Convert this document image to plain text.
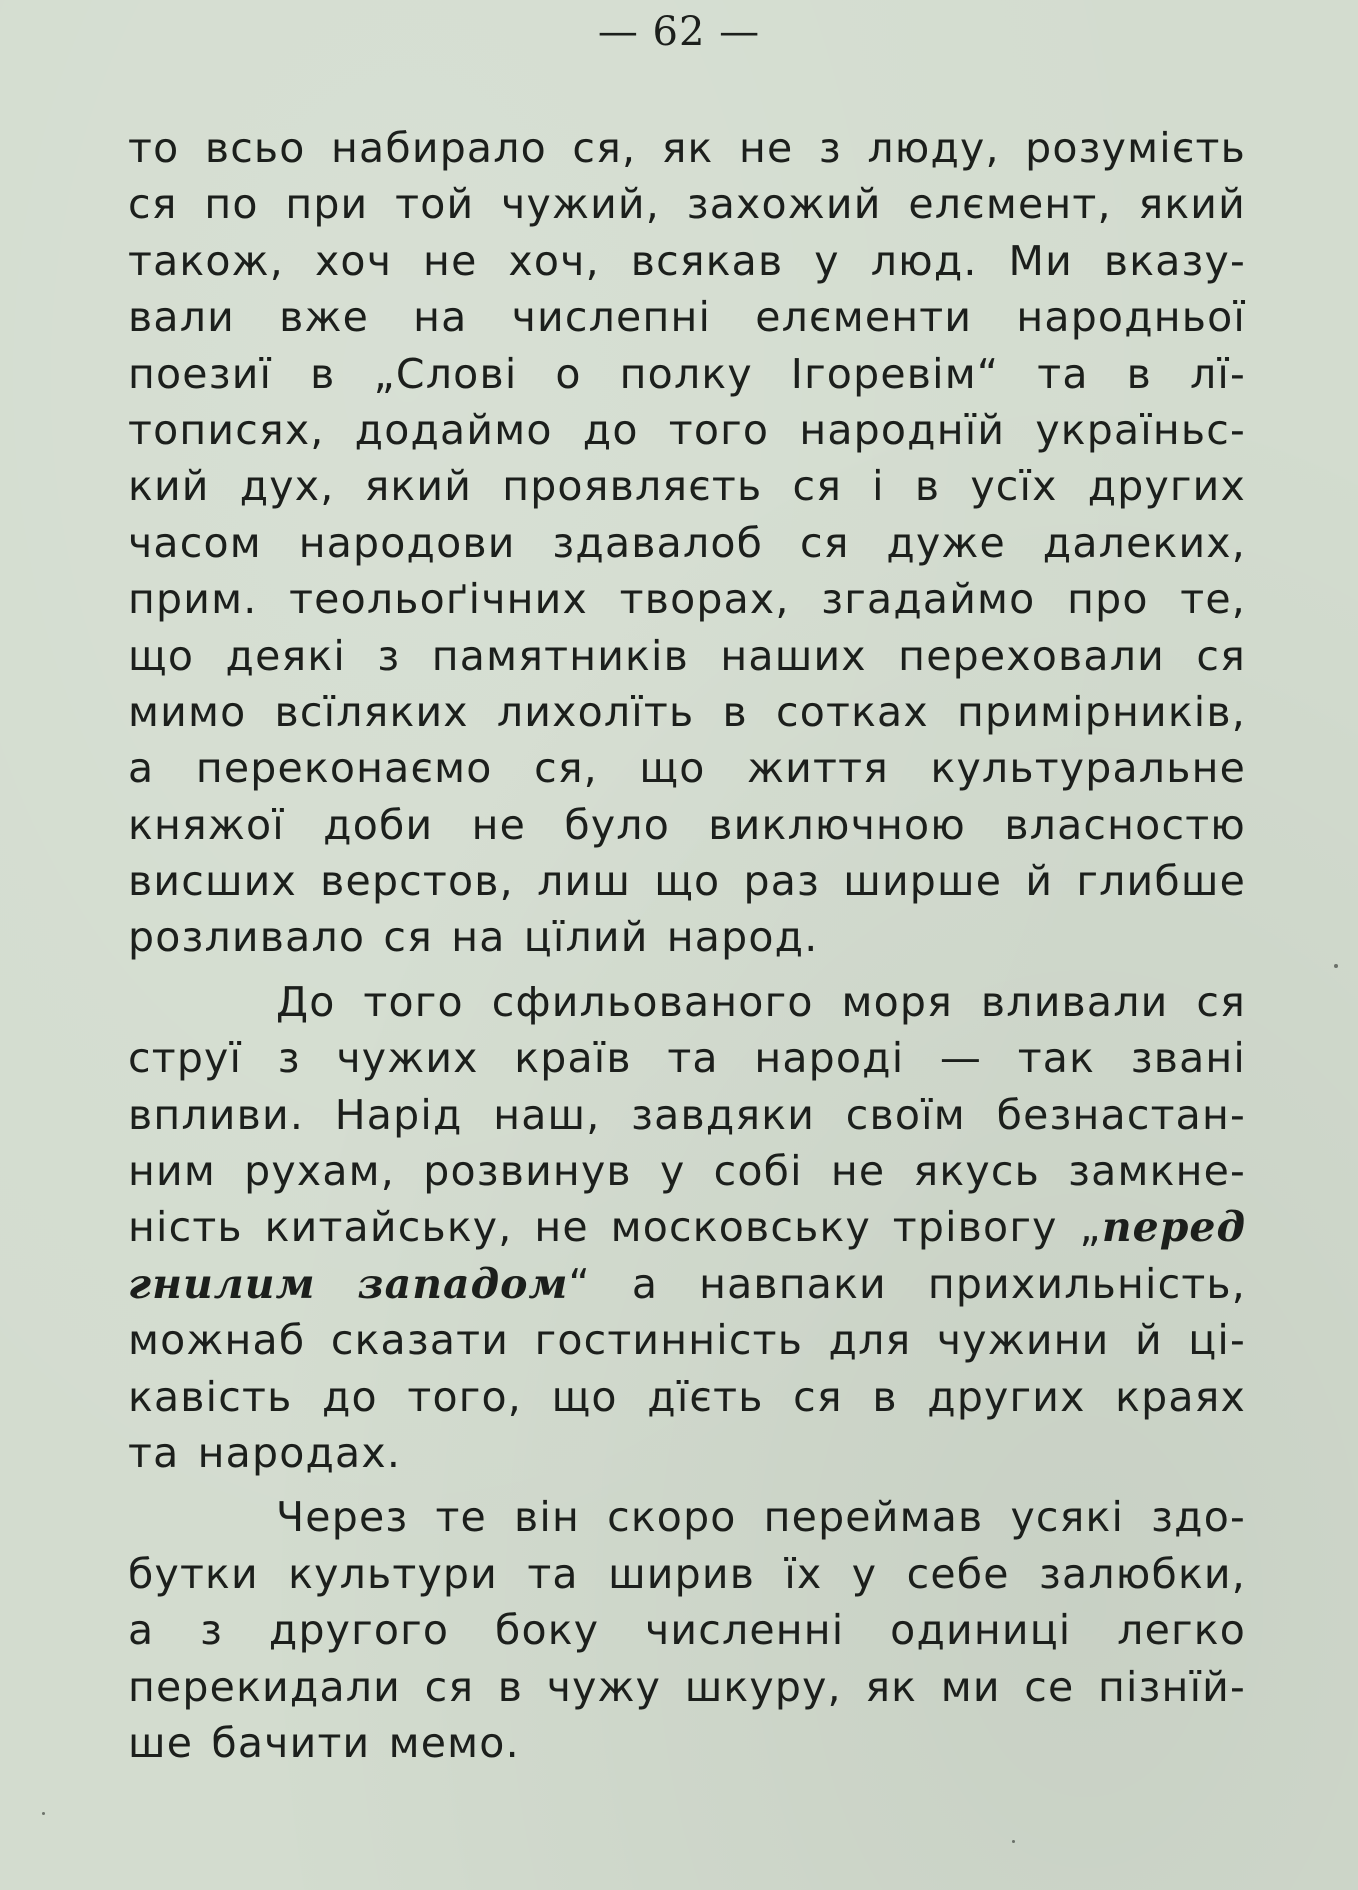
— 62 —
то всьо набирало ся, як не з люду, розумієть
ся по при той чужий, захожий елємент, який
також, хоч не хоч, всякав у люд. Ми вказу-
вали вже на числепні елєменти народньої
поезиї в „Слові о полку Ігоревім“ та в лї-
тописях, додаймо до того народнїй україньс-
кий дух, який проявляєть ся і в усїх других
часом народови здавалоб ся дуже далеких,
прим. теольоґічних творах, згадаймо про те,
що деякі з памятників наших переховали ся
мимо всїляких лихолїть в сотках примірників,
а переконаємо ся, що життя культуральне
княжої доби не було виключною власностю
висших верстов, лиш що раз ширше й глибше
розливало ся на цїлий народ.
До того сфильованого моря вливали ся
струї з чужих країв та народі — так звані
впливи. Нарід наш, завдяки своїм безнастан-
ним рухам, розвинув у собі не якусь замкне-
ність китайську, не московську трівогу „перед
гнилим западом“ а навпаки прихильність,
можнаб сказати гостинність для чужини й ці-
кавість до того, що дїєть ся в других краях
та народах.
Через те він скоро переймав усякі здо-
бутки культури та ширив їх у себе залюбки,
а з другого боку численні одиниці легко
перекидали ся в чужу шкуру, як ми се пізнїй-
ше бачити мемо.
